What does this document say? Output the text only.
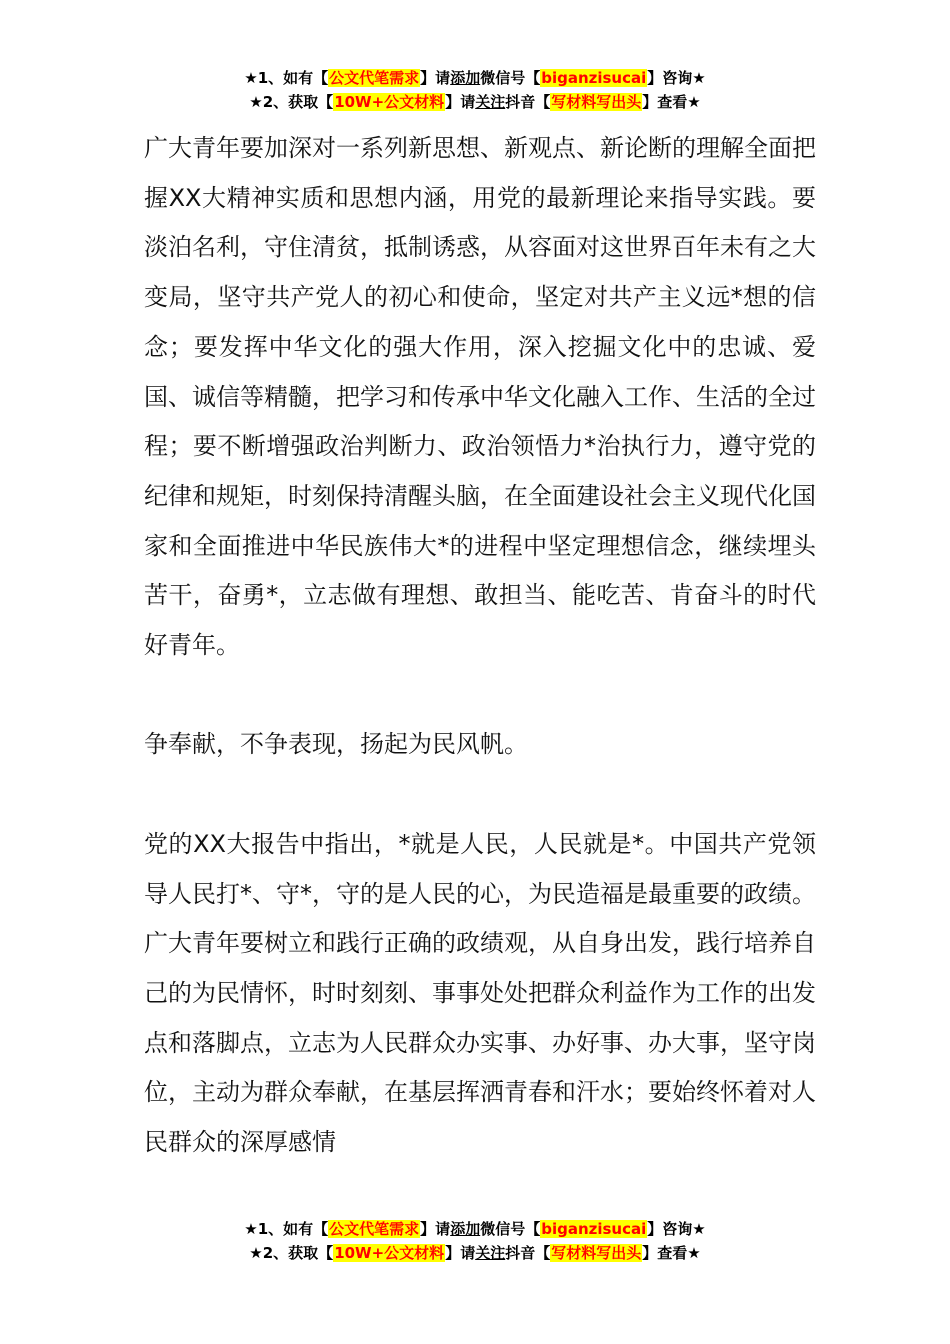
★1、如有【公文代笔需求】请添加微信号【biganzisucai】咨询★
★2、获取【10W+公文材料】请关注抖音【写材料写出头】查看★

广大青年要加深对一系列新思想、新观点、新论断的理解全面把握XX大精神实质和思想内涵，用党的最新理论来指导实践。要淡泊名利，守住清贫，抵制诱惑，从容面对这世界百年未有之大变局，坚守共产党人的初心和使命，坚定对共产主义远*想的信念；要发挥中华文化的强大作用，深入挖掘文化中的忠诚、爱国、诚信等精髓，把学习和传承中华文化融入工作、生活的全过程；要不断增强政治判断力、政治领悟力*治执行力，遵守党的纪律和规矩，时刻保持清醒头脑，在全面建设社会主义现代化国家和全面推进中华民族伟大*的进程中坚定理想信念，继续埋头苦干，奋勇*，立志做有理想、敢担当、能吃苦、肯奋斗的时代好青年。

争奉献，不争表现，扬起为民风帆。

党的XX大报告中指出，*就是人民，人民就是*。中国共产党领导人民打*、守*，守的是人民的心，为民造福是最重要的政绩。广大青年要树立和践行正确的政绩观，从自身出发，践行培养自己的为民情怀，时时刻刻、事事处处把群众利益作为工作的出发点和落脚点，立志为人民群众办实事、办好事、办大事，坚守岗位，主动为群众奉献，在基层挥洒青春和汗水；要始终怀着对人民群众的深厚感情

★1、如有【公文代笔需求】请添加微信号【biganzisucai】咨询★
★2、获取【10W+公文材料】请关注抖音【写材料写出头】查看★
